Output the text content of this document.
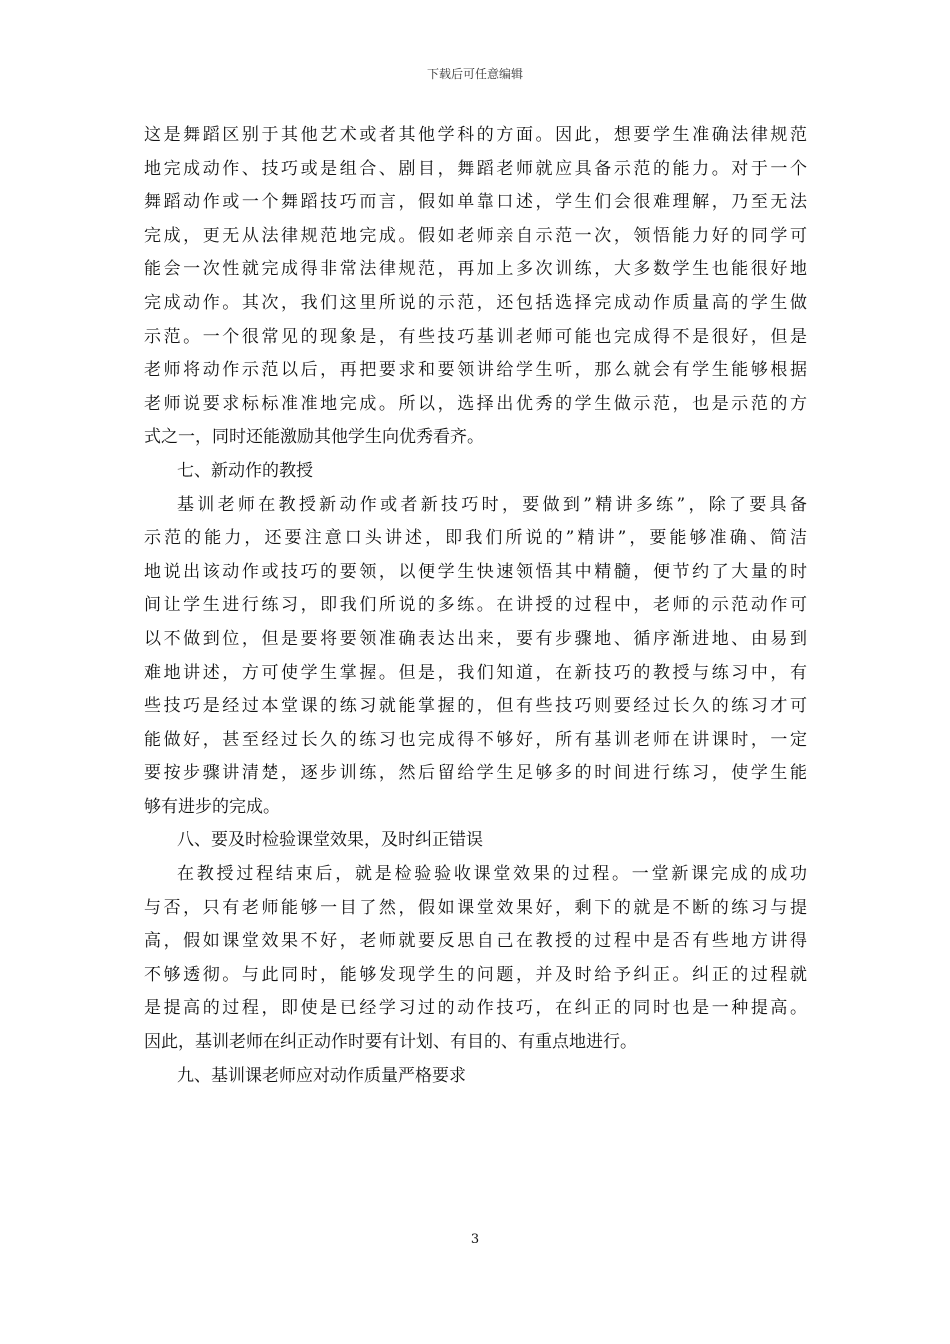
下载后可任意编辑
这是舞蹈区别于其他艺术或者其他学科的方面。因此，想要学生准确法律规范
地完成动作、技巧或是组合、剧目，舞蹈老师就应具备示范的能力。对于一个
舞蹈动作或一个舞蹈技巧而言，假如单靠口述，学生们会很难理解，乃至无法
完成，更无从法律规范地完成。假如老师亲自示范一次，领悟能力好的同学可
能会一次性就完成得非常法律规范，再加上多次训练，大多数学生也能很好地
完成动作。其次，我们这里所说的示范，还包括选择完成动作质量高的学生做
示范。一个很常见的现象是，有些技巧基训老师可能也完成得不是很好，但是
老师将动作示范以后，再把要求和要领讲给学生听，那么就会有学生能够根据
老师说要求标标准准地完成。所以，选择出优秀的学生做示范，也是示范的方
式之一，同时还能激励其他学生向优秀看齐。
七、新动作的教授
基训老师在教授新动作或者新技巧时，要做到”精讲多练”，除了要具备
示范的能力，还要注意口头讲述，即我们所说的”精讲”，要能够准确、简洁
地说出该动作或技巧的要领，以便学生快速领悟其中精髓，便节约了大量的时
间让学生进行练习，即我们所说的多练。在讲授的过程中，老师的示范动作可
以不做到位，但是要将要领准确表达出来，要有步骤地、循序渐进地、由易到
难地讲述，方可使学生掌握。但是，我们知道，在新技巧的教授与练习中，有
些技巧是经过本堂课的练习就能掌握的，但有些技巧则要经过长久的练习才可
能做好，甚至经过长久的练习也完成得不够好，所有基训老师在讲课时，一定
要按步骤讲清楚，逐步训练，然后留给学生足够多的时间进行练习，使学生能
够有进步的完成。
八、要及时检验课堂效果，及时纠正错误
在教授过程结束后，就是检验验收课堂效果的过程。一堂新课完成的成功
与否，只有老师能够一目了然，假如课堂效果好，剩下的就是不断的练习与提
高，假如课堂效果不好，老师就要反思自己在教授的过程中是否有些地方讲得
不够透彻。与此同时，能够发现学生的问题，并及时给予纠正。纠正的过程就
是提高的过程，即使是已经学习过的动作技巧，在纠正的同时也是一种提高。
因此，基训老师在纠正动作时要有计划、有目的、有重点地进行。
九、基训课老师应对动作质量严格要求
3
